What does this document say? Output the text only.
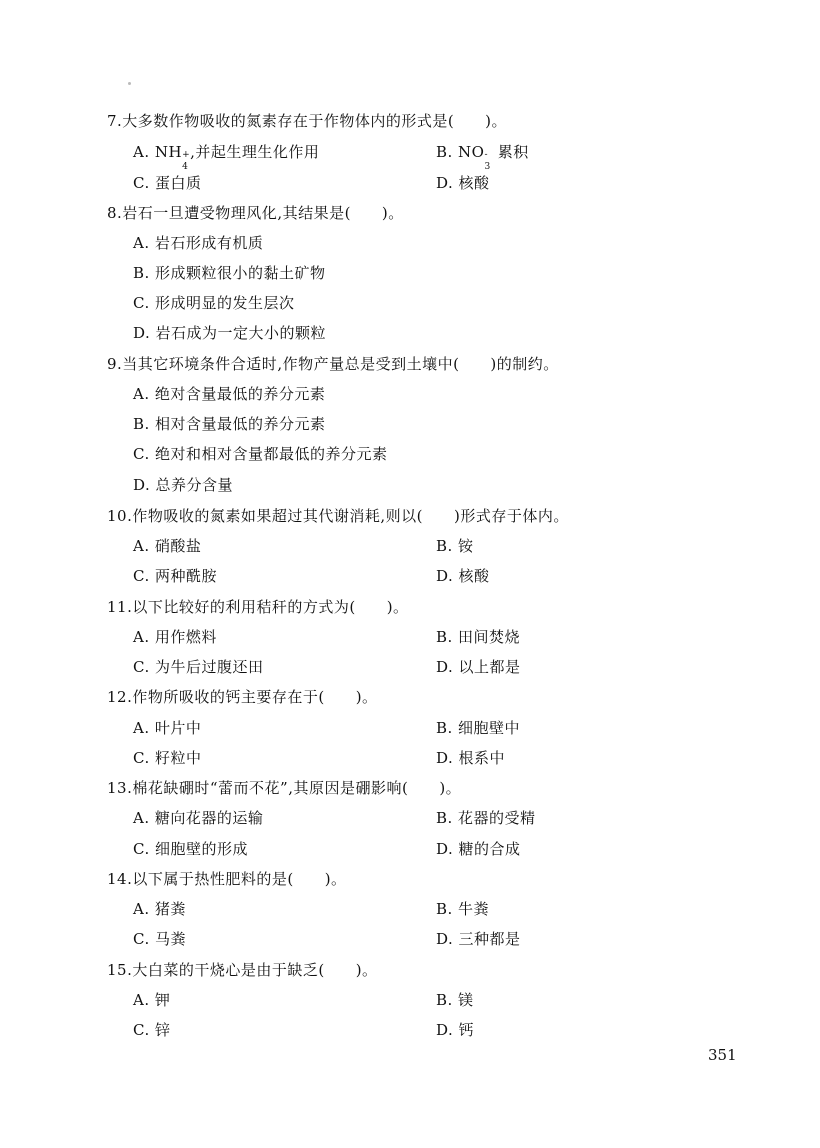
7.大多数作物吸收的氮素存在于作物体内的形式是(　　)。
A. NH +
4
,并起生理生化作用	B. NO -
3
累积
C. 蛋白质	D. 核酸
8.岩石一旦遭受物理风化,其结果是(　　)。
A. 岩石形成有机质
B. 形成颗粒很小的黏土矿物
C. 形成明显的发生层次
D. 岩石成为一定大小的颗粒
9.当其它环境条件合适时,作物产量总是受到土壤中(　　)的制约。
A. 绝对含量最低的养分元素
B. 相对含量最低的养分元素
C. 绝对和相对含量都最低的养分元素
D. 总养分含量
10.作物吸收的氮素如果超过其代谢消耗,则以(　　)形式存于体内。
A. 硝酸盐	B. 铵
C. 两种酰胺	D. 核酸
11.以下比较好的利用秸秆的方式为(　　)。
A. 用作燃料	B. 田间焚烧
C. 为牛后过腹还田	D. 以上都是
12.作物所吸收的钙主要存在于(　　)。
A. 叶片中	B. 细胞壁中
C. 籽粒中	D. 根系中
13.棉花缺硼时“蕾而不花”,其原因是硼影响(　　)。
A. 糖向花器的运输	B. 花器的受精
C. 细胞壁的形成	D. 糖的合成
14.以下属于热性肥料的是(　　)。
A. 猪粪	B. 牛粪
C. 马粪	D. 三种都是
15.大白菜的干烧心是由于缺乏(　　)。
A. 钾	B. 镁
C. 锌	D. 钙
351
